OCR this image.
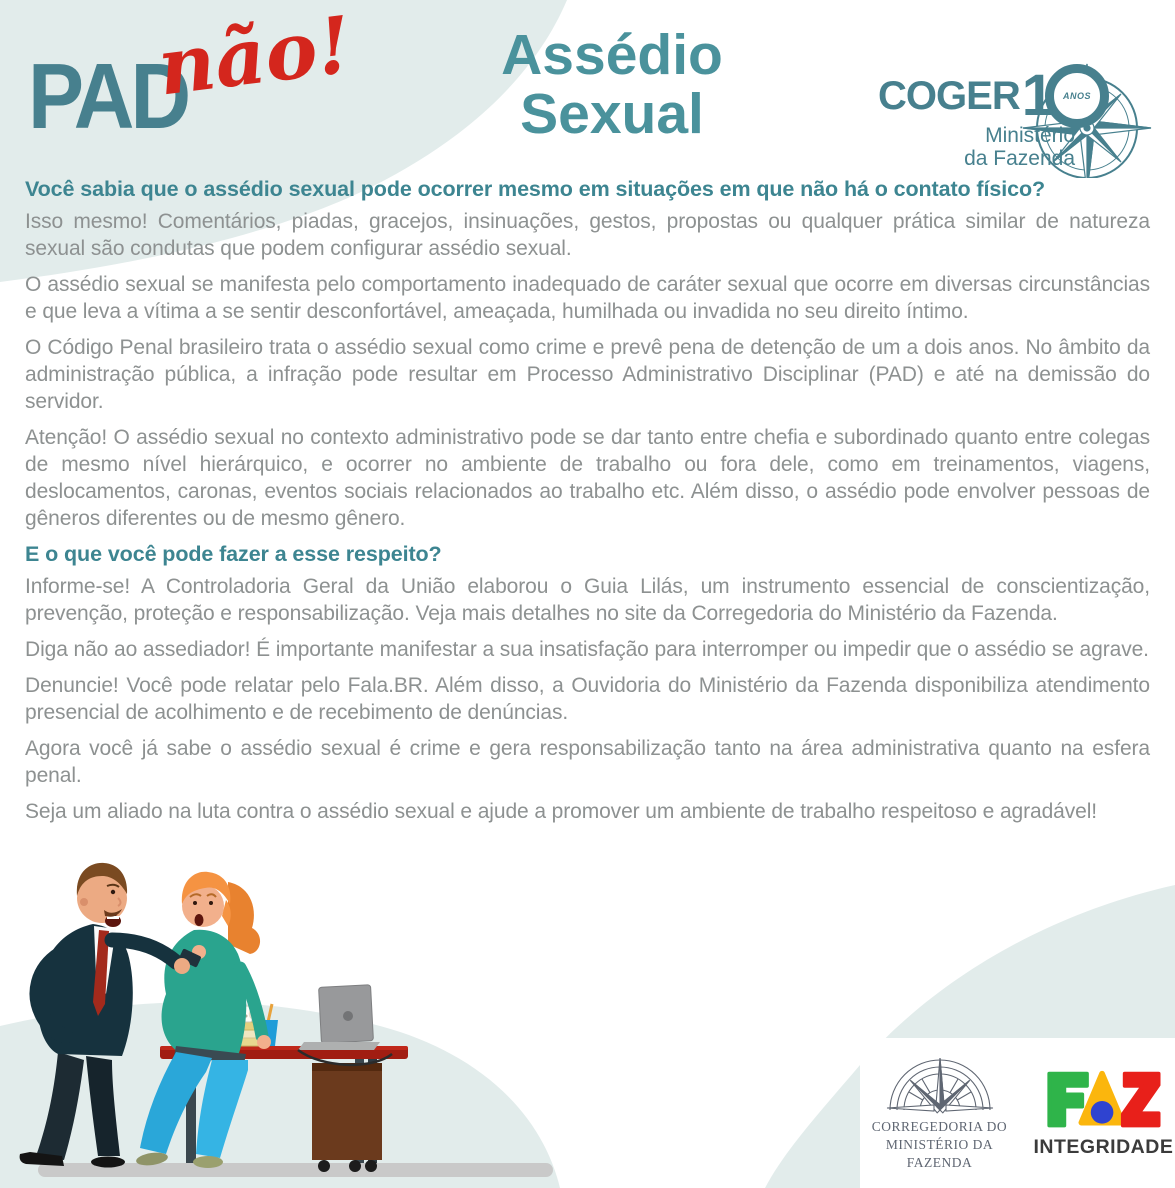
PAD
não!	Assédio
Sexual	COGER 1 ANOS
Ministério
da Fazenda
Você sabia que o assédio sexual pode ocorrer mesmo em situações em que não há o contato físico?
Isso mesmo! Comentários, piadas, gracejos, insinuações, gestos, propostas ou qualquer prática similar de natureza sexual são condutas que podem configurar assédio sexual.
O assédio sexual se manifesta pelo comportamento inadequado de caráter sexual que ocorre em diversas circunstâncias e que leva a vítima a se sentir desconfortável, ameaçada, humilhada ou invadida no seu direito íntimo.
O Código Penal brasileiro trata o assédio sexual como crime e prevê pena de detenção de um a dois anos. No âmbito da administração pública, a infração pode resultar em Processo Administrativo Disciplinar (PAD) e até na demissão do servidor.
Atenção! O assédio sexual no contexto administrativo pode se dar tanto entre chefia e subordinado quanto entre colegas de mesmo nível hierárquico, e ocorrer no ambiente de trabalho ou fora dele, como em treinamentos, viagens, deslocamentos, caronas, eventos sociais relacionados ao trabalho etc. Além disso, o assédio pode envolver pessoas de gêneros diferentes ou de mesmo gênero.
E o que você pode fazer a esse respeito?
Informe-se! A Controladoria Geral da União elaborou o Guia Lilás, um instrumento essencial de conscientização, prevenção, proteção e responsabilização. Veja mais detalhes no site da Corregedoria do Ministério da Fazenda.
Diga não ao assediador! É importante manifestar a sua insatisfação para interromper ou impedir que o assédio se agrave.
Denuncie! Você pode relatar pelo Fala.BR. Além disso, a Ouvidoria do Ministério da Fazenda disponibiliza atendimento presencial de acolhimento e de recebimento de denúncias.
Agora você já sabe o assédio sexual é crime e gera responsabilização tanto na área administrativa quanto na esfera penal.
Seja um aliado na luta contra o assédio sexual e ajude a promover um ambiente de trabalho respeitoso e agradável!
CORREGEDORIA DO
MINISTÉRIO DA
FAZENDA
INTEGRIDADE
